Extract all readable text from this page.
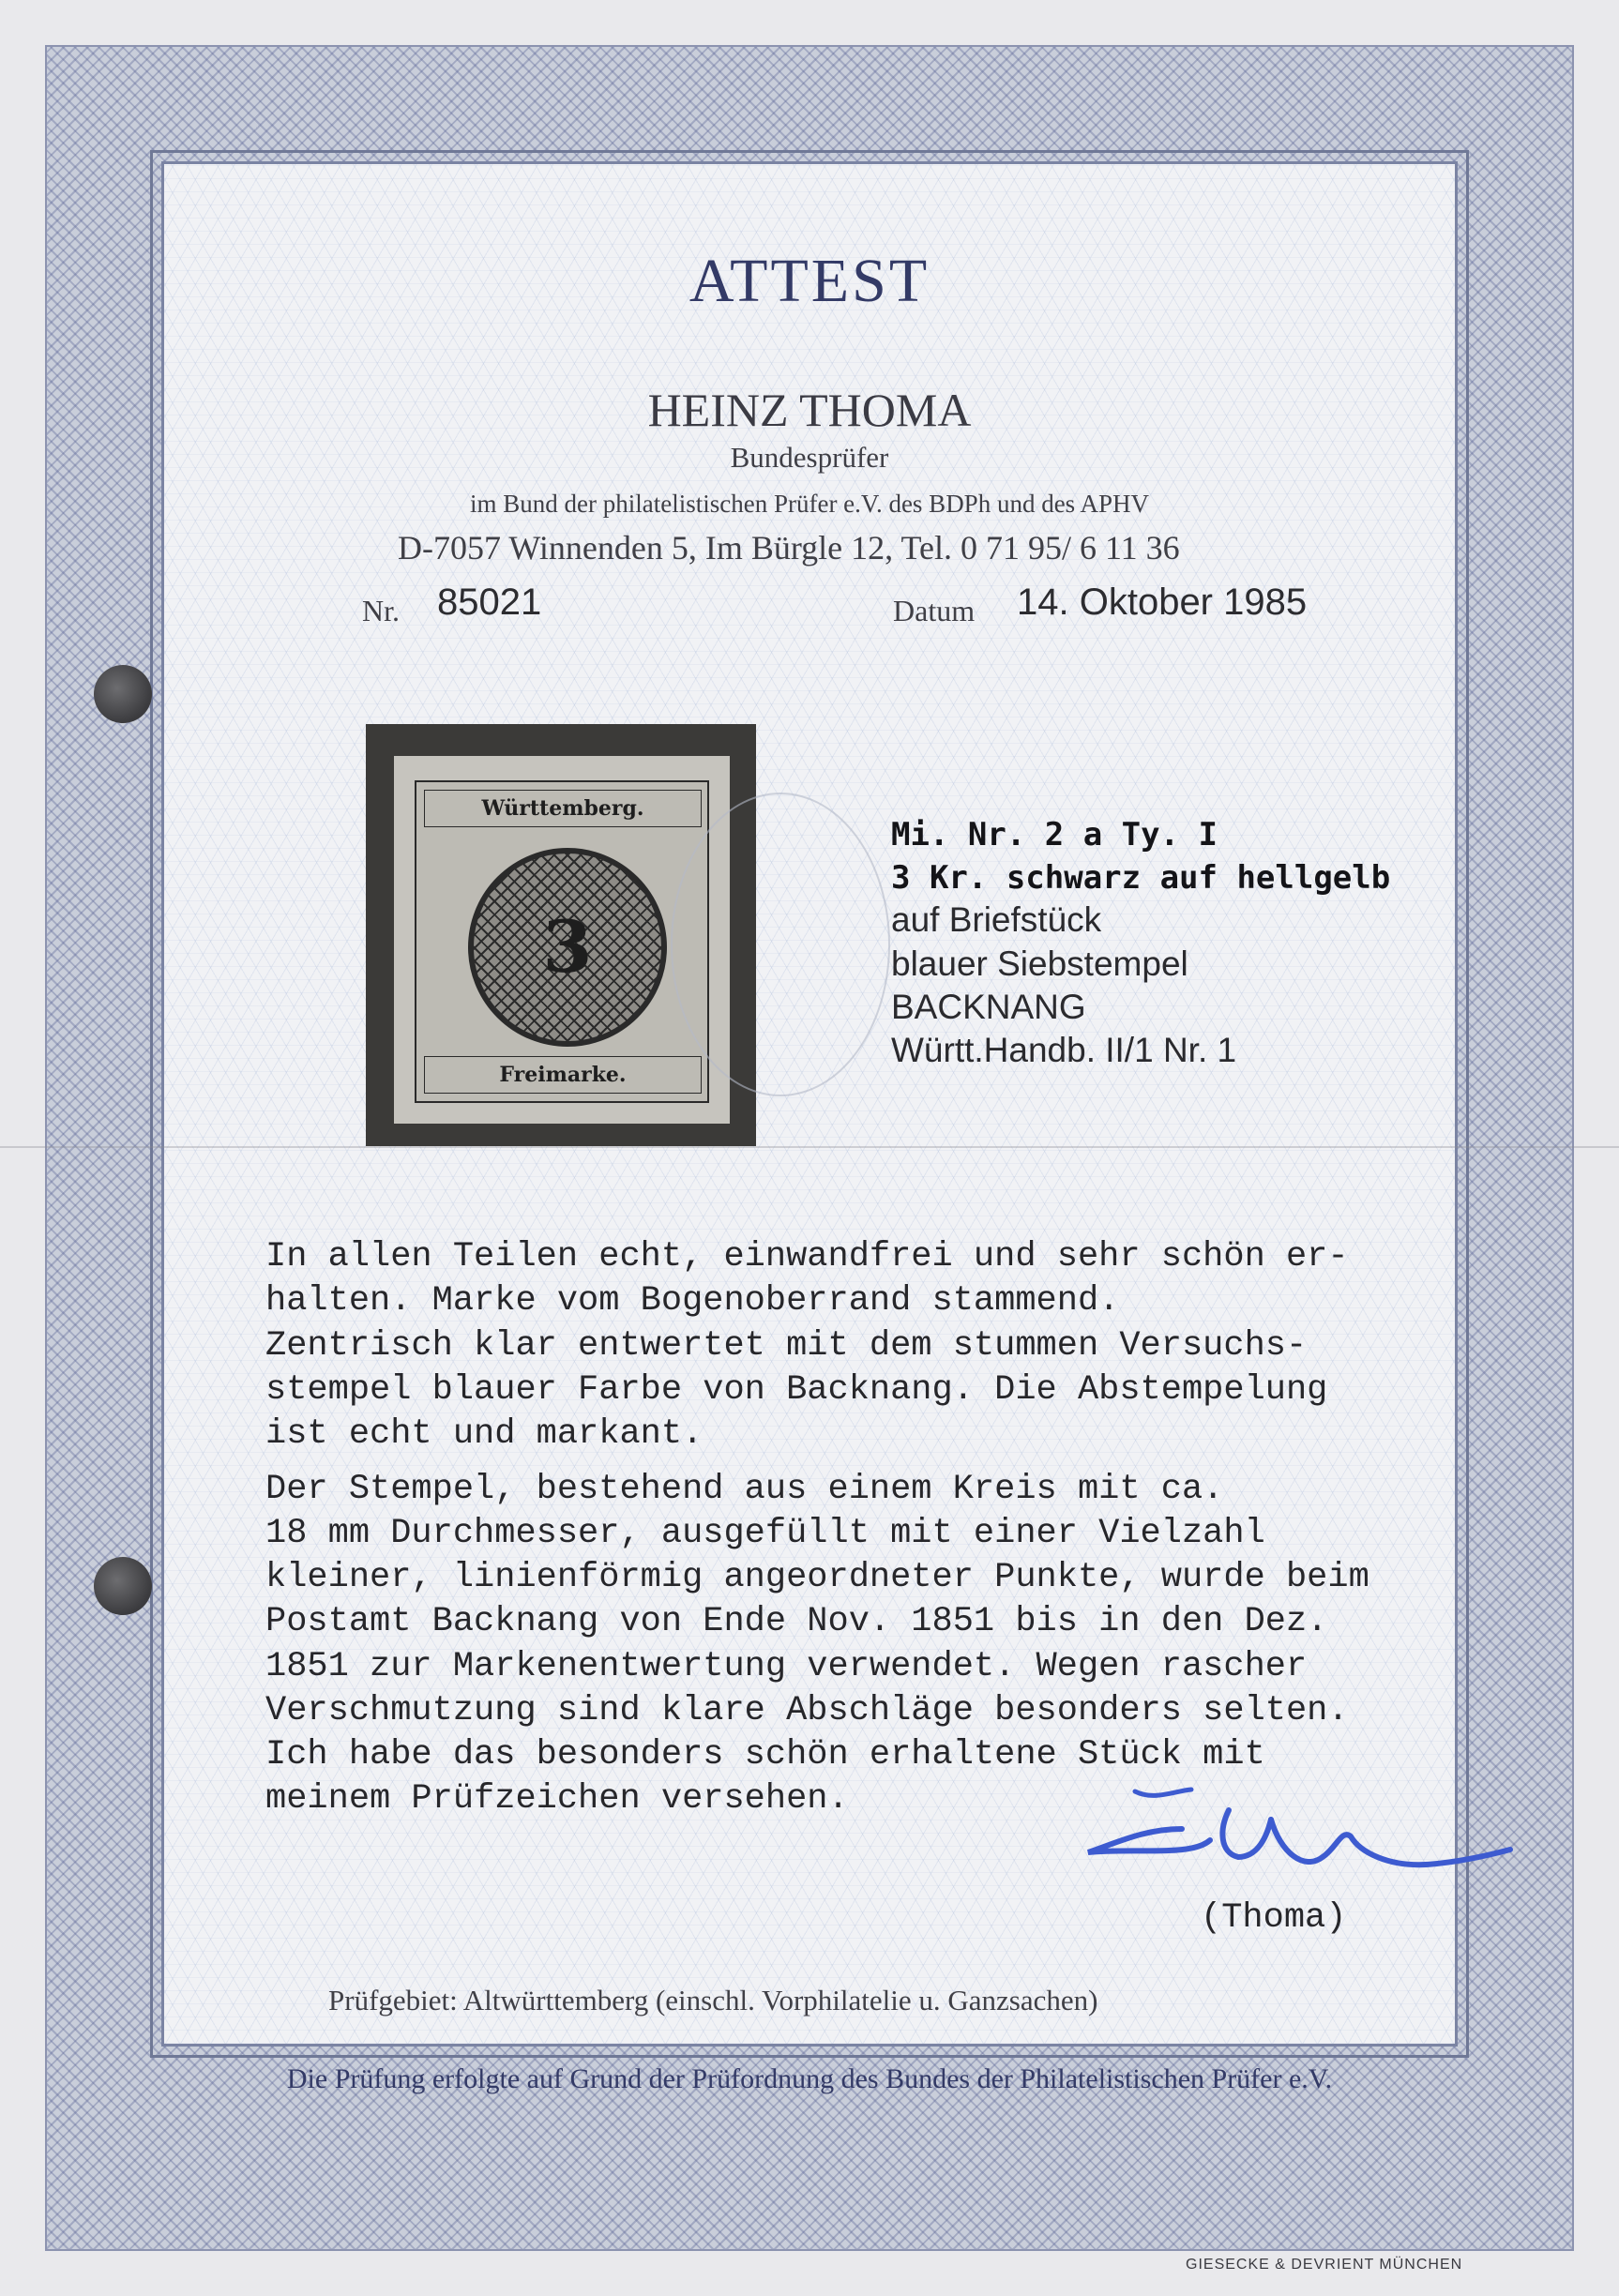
ATTEST
HEINZ THOMA
Bundesprüfer
im Bund der philatelistischen Prüfer e.V. des BDPh und des APHV
D-7057 Winnenden 5, Im Bürgle 12, Tel. 0 71 95/ 6 11 36
Nr. 85021	Datum 14. Oktober 1985
Württemberg.
3
Freimarke.
Mi. Nr. 2 a Ty. I
3 Kr. schwarz auf hellgelb
auf Briefstück
blauer Siebstempel
BACKNANG
Württ.Handb. II/1 Nr. 1
In allen Teilen echt, einwandfrei und sehr schön er-
halten. Marke vom Bogenoberrand stammend.
Zentrisch klar entwertet mit dem stummen Versuchs-
stempel blauer Farbe von Backnang. Die Abstempelung
ist echt und markant.
Der Stempel, bestehend aus einem Kreis mit ca.
18 mm Durchmesser, ausgefüllt mit einer Vielzahl
kleiner, linienförmig angeordneter Punkte, wurde beim
Postamt Backnang von Ende Nov. 1851 bis in den Dez.
1851 zur Markenentwertung verwendet. Wegen rascher
Verschmutzung sind klare Abschläge besonders selten.
Ich habe das besonders schön erhaltene Stück mit
meinem Prüfzeichen versehen.
(Thoma)
Prüfgebiet: Altwürttemberg (einschl. Vorphilatelie u. Ganzsachen)
Die Prüfung erfolgte auf Grund der Prüfordnung des Bundes der Philatelistischen Prüfer e.V.
GIESECKE & DEVRIENT MÜNCHEN
